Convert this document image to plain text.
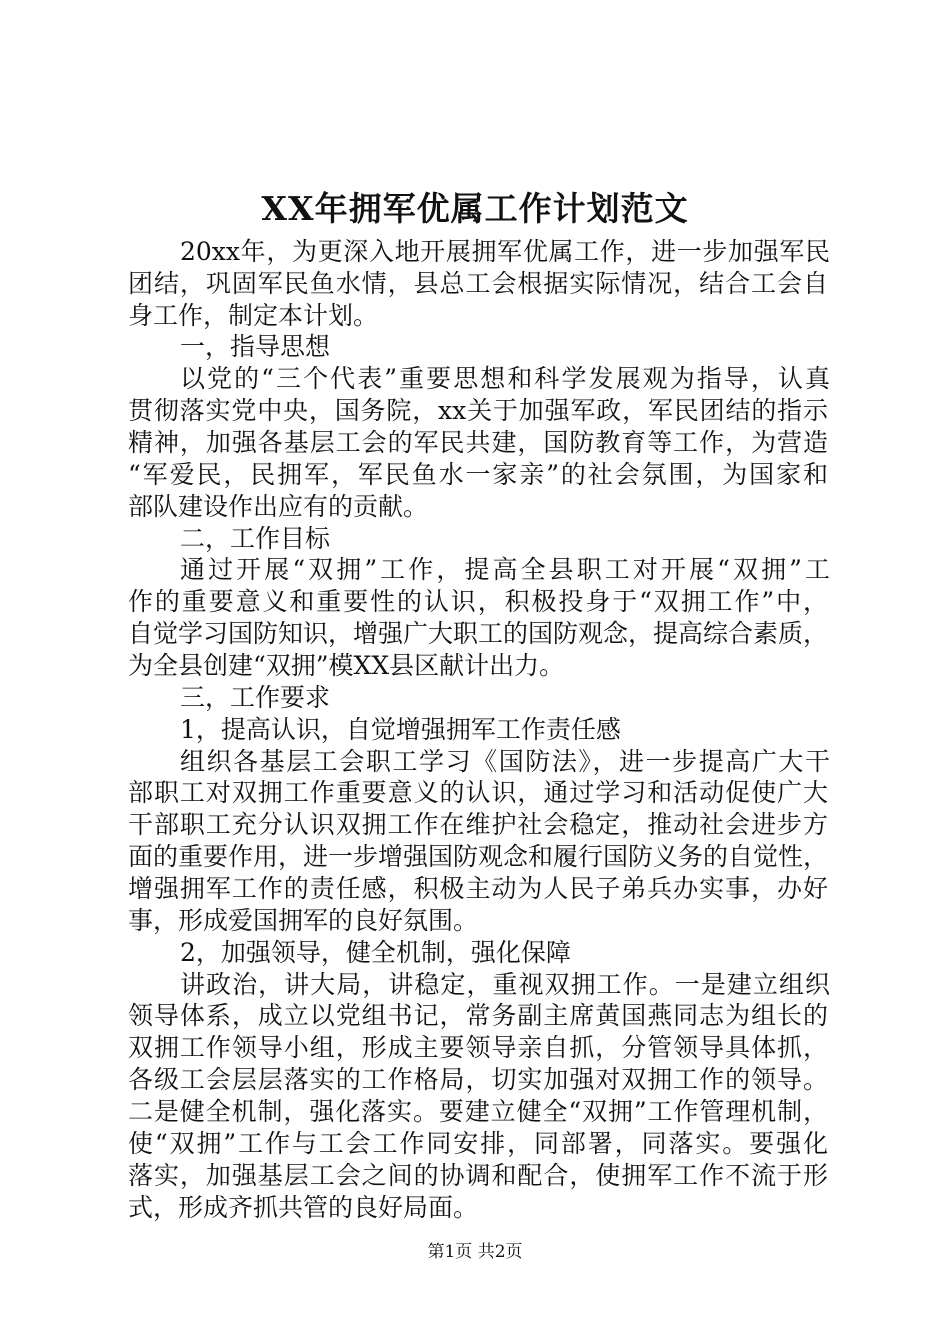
XX年拥军优属工作计划范文
20xx年，为更深入地开展拥军优属工作，进一步加强军民
团结，巩固军民鱼水情，县总工会根据实际情况，结合工会自
身工作，制定本计划。
一，指导思想
以党的“三个代表”重要思想和科学发展观为指导，认真
贯彻落实党中央，国务院，xx关于加强军政，军民团结的指示
精神，加强各基层工会的军民共建，国防教育等工作，为营造
“军爱民，民拥军，军民鱼水一家亲”的社会氛围，为国家和
部队建设作出应有的贡献。
二，工作目标
通过开展“双拥”工作，提高全县职工对开展“双拥”工
作的重要意义和重要性的认识，积极投身于“双拥工作”中，
自觉学习国防知识，增强广大职工的国防观念，提高综合素质，
为全县创建“双拥”模XX县区献计出力。
三，工作要求
1，提高认识，自觉增强拥军工作责任感
组织各基层工会职工学习《国防法》，进一步提高广大干
部职工对双拥工作重要意义的认识，通过学习和活动促使广大
干部职工充分认识双拥工作在维护社会稳定，推动社会进步方
面的重要作用，进一步增强国防观念和履行国防义务的自觉性，
增强拥军工作的责任感，积极主动为人民子弟兵办实事，办好
事，形成爱国拥军的良好氛围。
2，加强领导，健全机制，强化保障
讲政治，讲大局，讲稳定，重视双拥工作。一是建立组织
领导体系，成立以党组书记，常务副主席黄国燕同志为组长的
双拥工作领导小组，形成主要领导亲自抓，分管领导具体抓，
各级工会层层落实的工作格局，切实加强对双拥工作的领导。
二是健全机制，强化落实。要建立健全“双拥”工作管理机制，
使“双拥”工作与工会工作同安排，同部署，同落实。要强化
落实，加强基层工会之间的协调和配合，使拥军工作不流于形
式，形成齐抓共管的良好局面。
第1页 共2页
